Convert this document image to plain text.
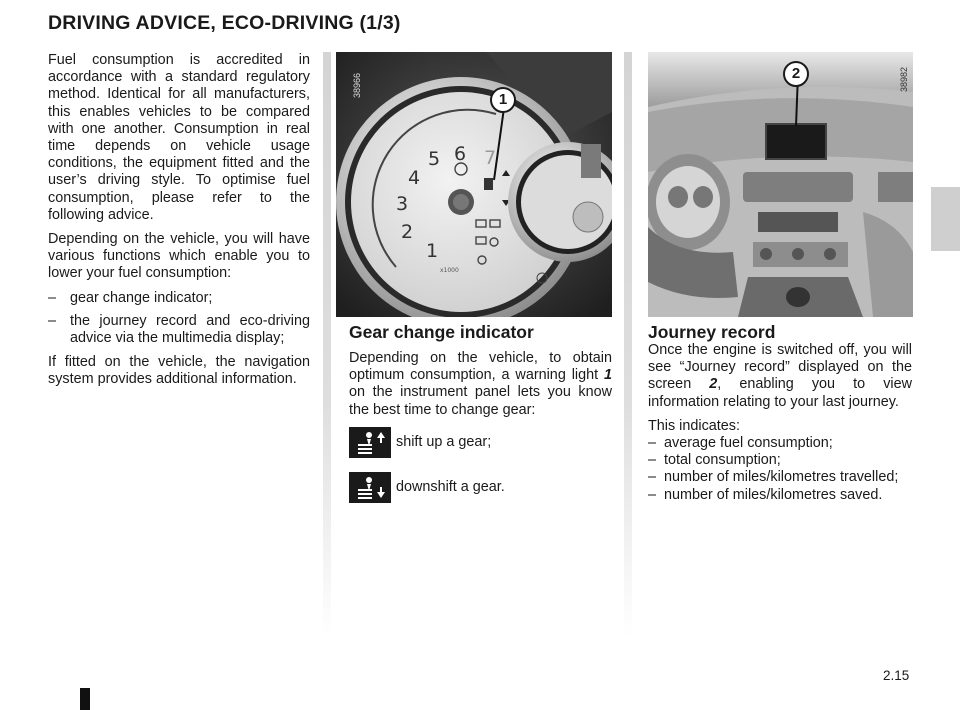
DRIVING ADVICE, ECO-DRIVING (1/3)

Fuel consumption is accredited in accordance with a standard regulatory method. Identical for all manufacturers, this enables vehicles to be compared with one another. Consumption in real time depends on vehicle usage conditions, the equipment fitted and the user’s driving style. To optimise fuel consumption, please refer to the following advice.

Depending on the vehicle, you will have various functions which enable you to lower your fuel consumption:

– gear change indicator;
– the journey record and eco-driving advice via the multimedia display;

If fitted on the vehicle, the navigation system provides additional information.

1
2
3
4
5 6 7
x1000
38966
1
38982
2
Gear change indicator

Depending on the vehicle, to obtain optimum consumption, a warning light 1 on the instrument panel lets you know the best time to change gear:

shift up a gear;
downshift a gear.
Journey record

Once the engine is switched off, you will see “Journey record” displayed on the screen 2, enabling you to view information relating to your last journey.

This indicates:
– average fuel consumption;
– total consumption;
– number of miles/kilometres travelled;
– number of miles/kilometres saved.
2.15
